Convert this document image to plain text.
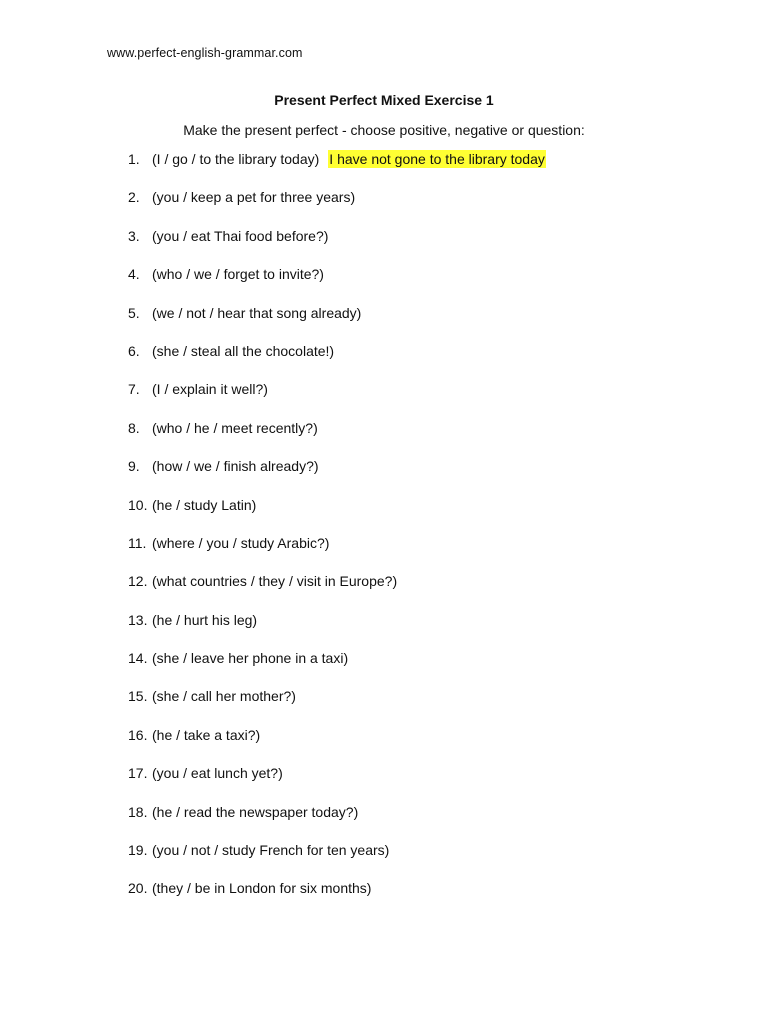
www.perfect-english-grammar.com
Present Perfect Mixed Exercise 1
Make the present perfect - choose positive, negative or question:
1. (I / go / to the library today) I have not gone to the library today
2. (you / keep a pet for three years)
3. (you / eat Thai food before?)
4. (who / we / forget to invite?)
5. (we / not / hear that song already)
6. (she / steal all the chocolate!)
7. (I / explain it well?)
8. (who / he / meet recently?)
9. (how / we / finish already?)
10. (he / study Latin)
11. (where / you / study Arabic?)
12. (what countries / they / visit in Europe?)
13. (he / hurt his leg)
14. (she / leave her phone in a taxi)
15. (she / call her mother?)
16. (he / take a taxi?)
17. (you / eat lunch yet?)
18. (he / read the newspaper today?)
19. (you / not / study French for ten years)
20. (they / be in London for six months)
